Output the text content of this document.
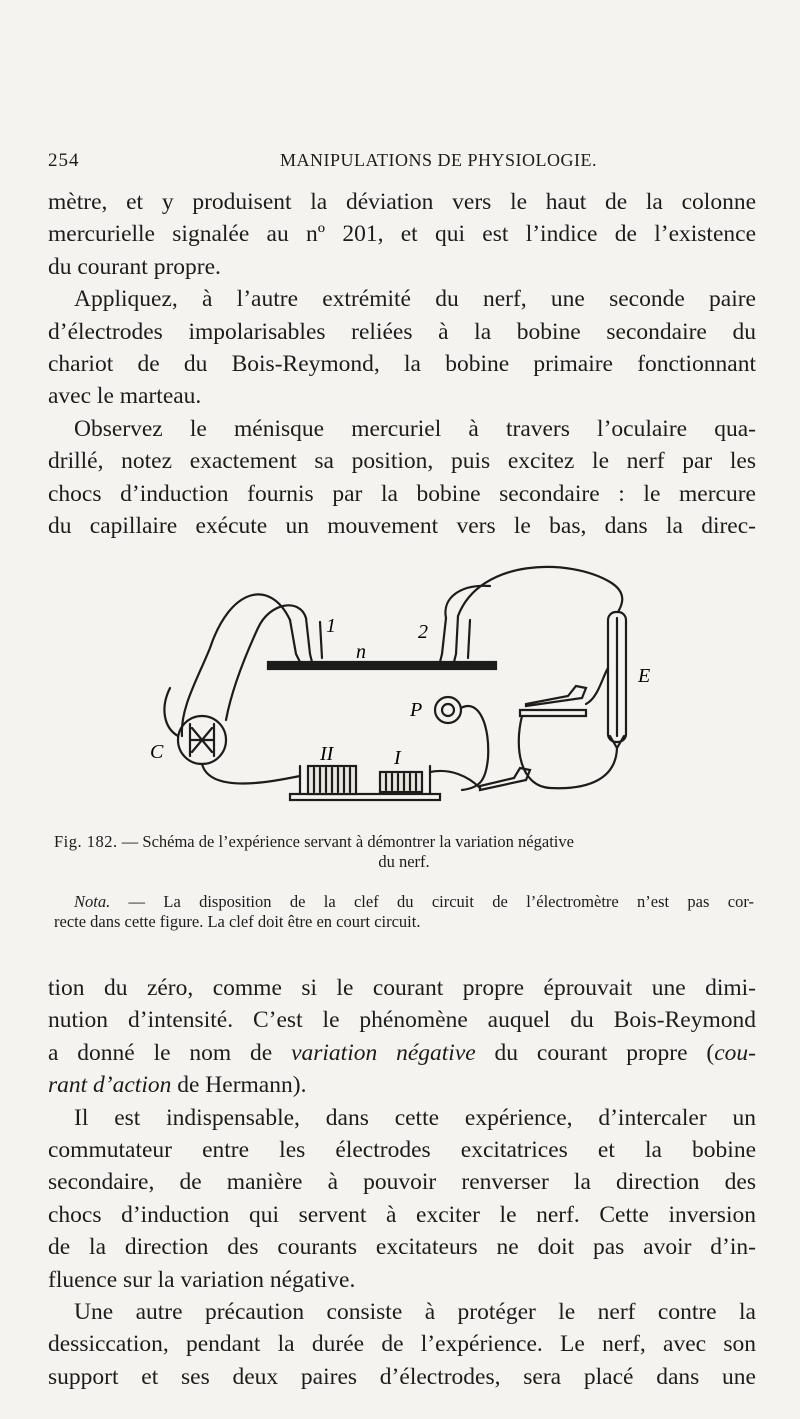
254	MANIPULATIONS DE PHYSIOLOGIE.
mètre, et y produisent la déviation vers le haut de la colonne
mercurielle signalée au nº 201, et qui est l’indice de l’existence
du courant propre.
Appliquez, à l’autre extrémité du nerf, une seconde paire
d’électrodes impolarisables reliées à la bobine secondaire du
chariot de du Bois-Reymond, la bobine primaire fonctionnant
avec le marteau.
Observez le ménisque mercuriel à travers l’oculaire qua-
drillé, notez exactement sa position, puis excitez le nerf par les
chocs d’induction fournis par la bobine secondaire : le mercure
du capillaire exécute un mouvement vers le bas, dans la direc-
1	2
n
E
P
C	II	I
Fig. 182. — Schéma de l’expérience servant à démontrer la variation négative
du nerf.
Nota. — La disposition de la clef du circuit de l’électromètre n’est pas cor-
recte dans cette figure. La clef doit être en court circuit.
tion du zéro, comme si le courant propre éprouvait une dimi-
nution d’intensité. C’est le phénomène auquel du Bois-Reymond
a donné le nom de variation négative du courant propre (cou-
rant d’action de Hermann).
Il est indispensable, dans cette expérience, d’intercaler un
commutateur entre les électrodes excitatrices et la bobine
secondaire, de manière à pouvoir renverser la direction des
chocs d’induction qui servent à exciter le nerf. Cette inversion
de la direction des courants excitateurs ne doit pas avoir d’in-
fluence sur la variation négative.
Une autre précaution consiste à protéger le nerf contre la
dessiccation, pendant la durée de l’expérience. Le nerf, avec son
support et ses deux paires d’électrodes, sera placé dans une
